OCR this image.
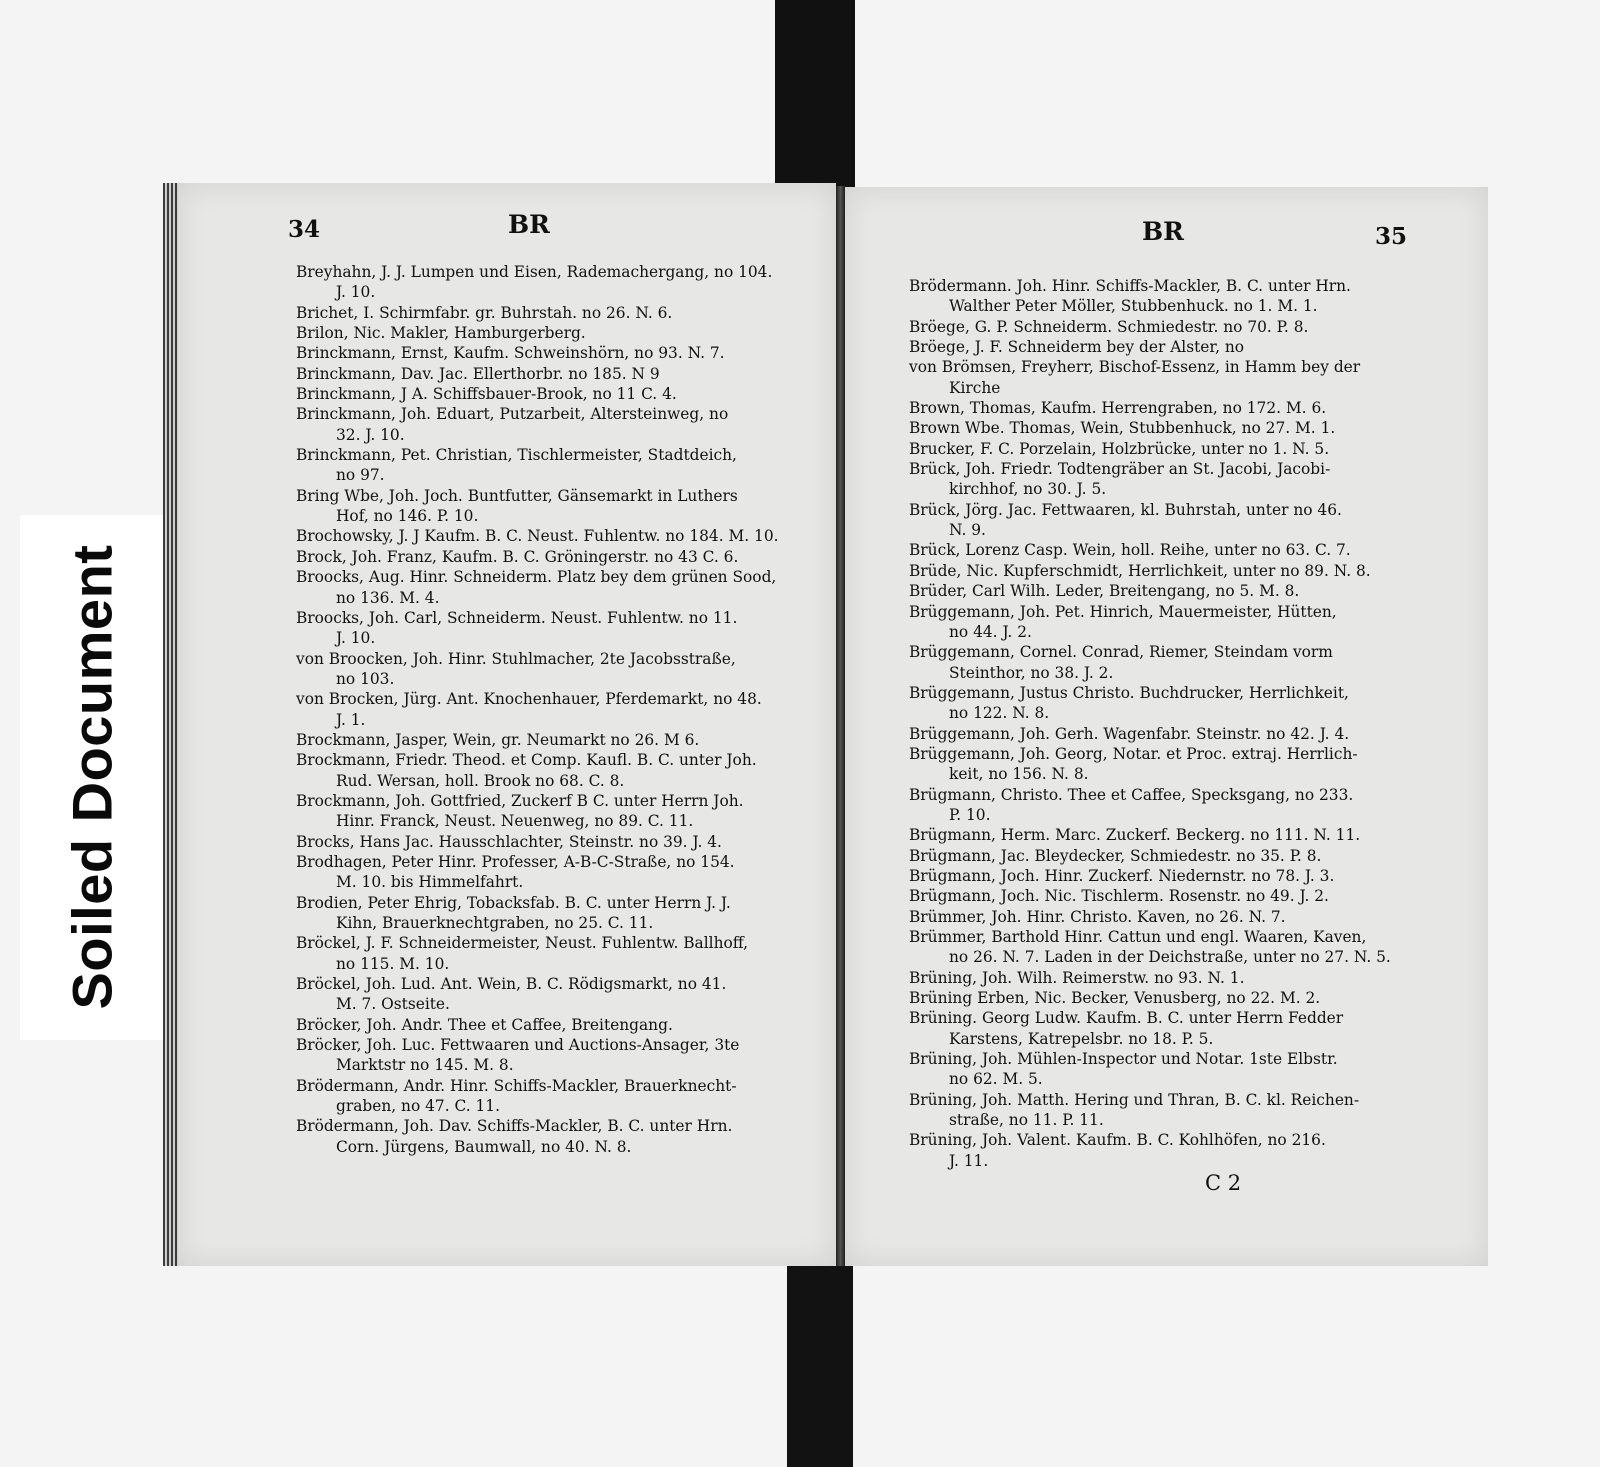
Soiled Document
34	BR
Breyhahn, J. J. Lumpen und Eisen, Rademachergang, no 104.
J. 10.
Brichet, I. Schirmfabr. gr. Buhrstah. no 26. N. 6.
Brilon, Nic. Makler, Hamburgerberg.
Brinckmann, Ernst, Kaufm. Schweinshörn, no 93. N. 7.
Brinckmann, Dav. Jac. Ellerthorbr. no 185. N 9
Brinckmann, J A. Schiffsbauer-Brook, no 11 C. 4.
Brinckmann, Joh. Eduart, Putzarbeit, Altersteinweg, no
32. J. 10.
Brinckmann, Pet. Christian, Tischlermeister, Stadtdeich,
no 97.
Bring Wbe, Joh. Joch. Buntfutter, Gänsemarkt in Luthers
Hof, no 146. P. 10.
Brochowsky, J. J Kaufm. B. C. Neust. Fuhlentw. no 184. M. 10.
Brock, Joh. Franz, Kaufm. B. C. Gröningerstr. no 43 C. 6.
Broocks, Aug. Hinr. Schneiderm. Platz bey dem grünen Sood,
no 136. M. 4.
Broocks, Joh. Carl, Schneiderm. Neust. Fuhlentw. no 11.
J. 10.
von Broocken, Joh. Hinr. Stuhlmacher, 2te Jacobsstraße,
no 103.
von Brocken, Jürg. Ant. Knochenhauer, Pferdemarkt, no 48.
J. 1.
Brockmann, Jasper, Wein, gr. Neumarkt no 26. M 6.
Brockmann, Friedr. Theod. et Comp. Kaufl. B. C. unter Joh.
Rud. Wersan, holl. Brook no 68. C. 8.
Brockmann, Joh. Gottfried, Zuckerf B C. unter Herrn Joh.
Hinr. Franck, Neust. Neuenweg, no 89. C. 11.
Brocks, Hans Jac. Hausschlachter, Steinstr. no 39. J. 4.
Brodhagen, Peter Hinr. Professer, A-B-C-Straße, no 154.
M. 10. bis Himmelfahrt.
Brodien, Peter Ehrig, Tobacksfab. B. C. unter Herrn J. J.
Kihn, Brauerknechtgraben, no 25. C. 11.
Bröckel, J. F. Schneidermeister, Neust. Fuhlentw. Ballhoff,
no 115. M. 10.
Bröckel, Joh. Lud. Ant. Wein, B. C. Rödigsmarkt, no 41.
M. 7. Ostseite.
Bröcker, Joh. Andr. Thee et Caffee, Breitengang.
Bröcker, Joh. Luc. Fettwaaren und Auctions-Ansager, 3te
Marktstr no 145. M. 8.
Brödermann, Andr. Hinr. Schiffs-Mackler, Brauerknecht-
graben, no 47. C. 11.
Brödermann, Joh. Dav. Schiffs-Mackler, B. C. unter Hrn.
Corn. Jürgens, Baumwall, no 40. N. 8.
BR	35
Brödermann. Joh. Hinr. Schiffs-Mackler, B. C. unter Hrn.
Walther Peter Möller, Stubbenhuck. no 1. M. 1.
Bröege, G. P. Schneiderm. Schmiedestr. no 70. P. 8.
Bröege, J. F. Schneiderm bey der Alster, no
von Brömsen, Freyherr, Bischof-Essenz, in Hamm bey der
Kirche
Brown, Thomas, Kaufm. Herrengraben, no 172. M. 6.
Brown Wbe. Thomas, Wein, Stubbenhuck, no 27. M. 1.
Brucker, F. C. Porzelain, Holzbrücke, unter no 1. N. 5.
Brück, Joh. Friedr. Todtengräber an St. Jacobi, Jacobi-
kirchhof, no 30. J. 5.
Brück, Jörg. Jac. Fettwaaren, kl. Buhrstah, unter no 46.
N. 9.
Brück, Lorenz Casp. Wein, holl. Reihe, unter no 63. C. 7.
Brüde, Nic. Kupferschmidt, Herrlichkeit, unter no 89. N. 8.
Brüder, Carl Wilh. Leder, Breitengang, no 5. M. 8.
Brüggemann, Joh. Pet. Hinrich, Mauermeister, Hütten,
no 44. J. 2.
Brüggemann, Cornel. Conrad, Riemer, Steindam vorm
Steinthor, no 38. J. 2.
Brüggemann, Justus Christo. Buchdrucker, Herrlichkeit,
no 122. N. 8.
Brüggemann, Joh. Gerh. Wagenfabr. Steinstr. no 42. J. 4.
Brüggemann, Joh. Georg, Notar. et Proc. extraj. Herrlich-
keit, no 156. N. 8.
Brügmann, Christo. Thee et Caffee, Specksgang, no 233.
P. 10.
Brügmann, Herm. Marc. Zuckerf. Beckerg. no 111. N. 11.
Brügmann, Jac. Bleydecker, Schmiedestr. no 35. P. 8.
Brügmann, Joch. Hinr. Zuckerf. Niedernstr. no 78. J. 3.
Brügmann, Joch. Nic. Tischlerm. Rosenstr. no 49. J. 2.
Brümmer, Joh. Hinr. Christo. Kaven, no 26. N. 7.
Brümmer, Barthold Hinr. Cattun und engl. Waaren, Kaven,
no 26. N. 7. Laden in der Deichstraße, unter no 27. N. 5.
Brüning, Joh. Wilh. Reimerstw. no 93. N. 1.
Brüning Erben, Nic. Becker, Venusberg, no 22. M. 2.
Brüning. Georg Ludw. Kaufm. B. C. unter Herrn Fedder
Karstens, Katrepelsbr. no 18. P. 5.
Brüning, Joh. Mühlen-Inspector und Notar. 1ste Elbstr.
no 62. M. 5.
Brüning, Joh. Matth. Hering und Thran, B. C. kl. Reichen-
straße, no 11. P. 11.
Brüning, Joh. Valent. Kaufm. B. C. Kohlhöfen, no 216.
J. 11.
C 2
